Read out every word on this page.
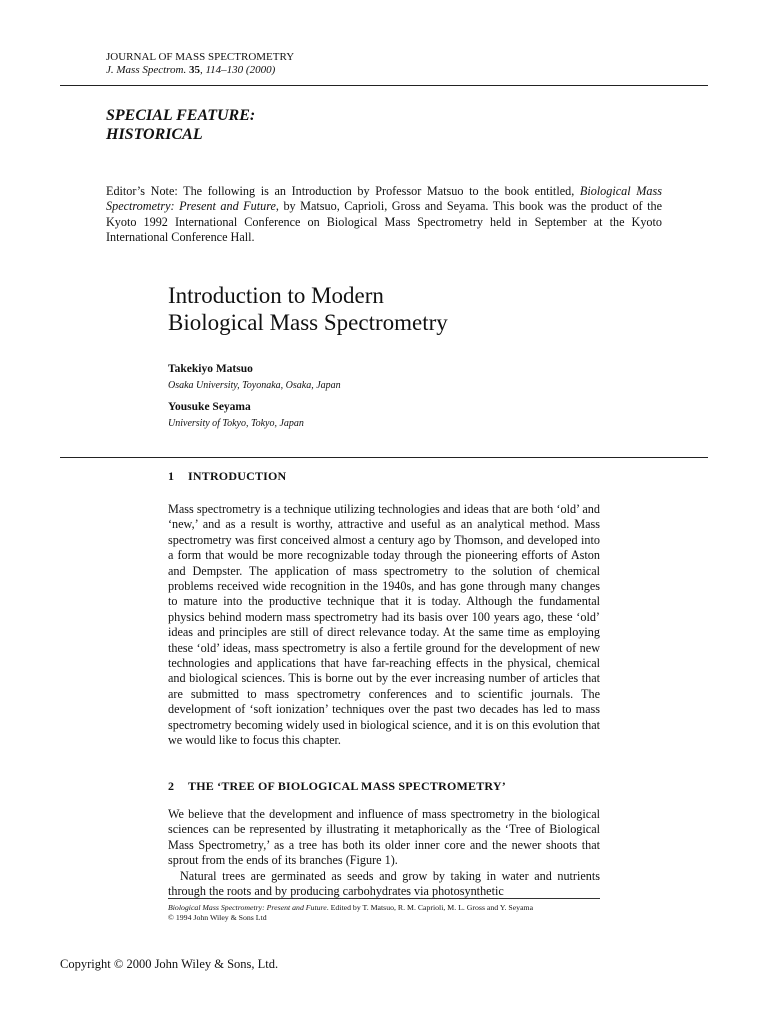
JOURNAL OF MASS SPECTROMETRY
J. Mass Spectrom. 35, 114–130 (2000)
SPECIAL FEATURE:
HISTORICAL
Editor’s Note: The following is an Introduction by Professor Matsuo to the book entitled, Biological Mass Spectrometry: Present and Future, by Matsuo, Caprioli, Gross and Seyama. This book was the product of the Kyoto 1992 International Conference on Biological Mass Spectrometry held in September at the Kyoto International Conference Hall.
Introduction to Modern
Biological Mass Spectrometry
Takekiyo Matsuo
Osaka University, Toyonaka, Osaka, Japan
Yousuke Seyama
University of Tokyo, Tokyo, Japan
1 INTRODUCTION

Mass spectrometry is a technique utilizing technologies and ideas that are both ‘old’ and ‘new,’ and as a result is worthy, attractive and useful as an analytical method. Mass spectrometry was first conceived almost a century ago by Thomson, and developed into a form that would be more recognizable today through the pioneering efforts of Aston and Dempster. The application of mass spectrometry to the solution of chemical problems received wide recognition in the 1940s, and has gone through many changes to mature into the productive technique that it is today. Although the fundamental physics behind modern mass spectrometry had its basis over 100 years ago, these ‘old’ ideas and principles are still of direct relevance today. At the same time as employing these ‘old’ ideas, mass spectrometry is also a fertile ground for the development of new technologies and applications that have far-reaching effects in the physical, chemical and biological sciences. This is borne out by the ever increasing number of articles that are submitted to mass spectrometry conferences and to scientific journals. The development of ‘soft ionization’ techniques over the past two decades has led to mass spectrometry becoming widely used in biological science, and it is on this evolution that we would like to focus this chapter.

2 THE ‘TREE OF BIOLOGICAL MASS SPECTROMETRY’

We believe that the development and influence of mass spectrometry in the biological sciences can be represented by illustrating it metaphorically as the ‘Tree of Biological Mass Spectrometry,’ as a tree has both its older inner core and the newer shoots that sprout from the ends of its branches (Figure 1).

Natural trees are germinated as seeds and grow by taking in water and nutrients through the roots and by producing carbohydrates via photosynthetic

Biological Mass Spectrometry: Present and Future. Edited by T. Matsuo, R. M. Caprioli, M. L. Gross and Y. Seyama
© 1994 John Wiley & Sons Ltd
Copyright © 2000 John Wiley & Sons, Ltd.
